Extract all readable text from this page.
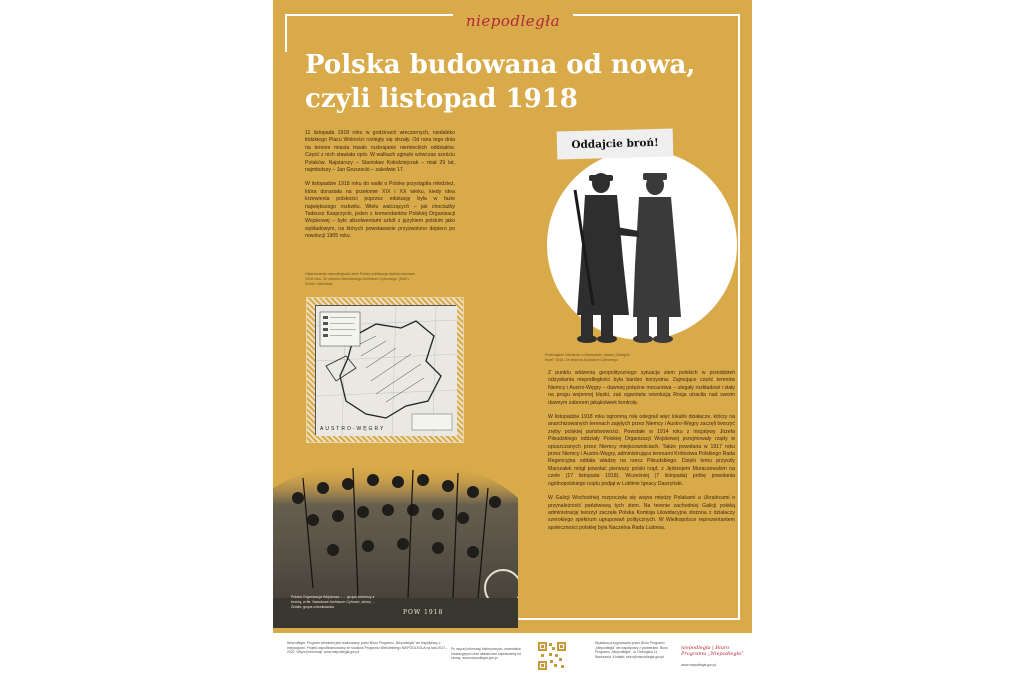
niepodległa
Polska budowana od nowa,
czyli listopad 1918

11 listopada 1918 roku w godzinach wieczornych, niedaleko łódzkiego Placu Wolności rozległy się strzały. Od rana tego dnia na terenie miasta trwało rozbrajanie niemieckich oddziałów. Część z nich stawiała opór. W walkach zginęło wówczas sześciu Polaków. Najstarszy – Stanisław Kołodziejczak – miał 29 lat, najmłodszy – Jan Gruszecki – zaledwie 17.

W listopadzie 1918 roku do walki o Polskę przystąpiła młodzież, która dorastała na przełomie XIX i XX wieku, kiedy idea krzewienia polskości poprzez edukację była w fazie największego rozkwitu. Wielu walczących – jak chociażby Tadeusz Kasprzycki, jeden z komendantów Polskiej Organizacji Wojskowej – było absolwentami szkół z językiem polskim jako wykładowym, na których powstawanie przyzwolono dopiero po rewolucji 1905 roku.

Ustanowienie niepodległości ziem Polski: publikacja okolicznościowa 1918 roku. Ze zbiorów Narodowego Archiwum Cyfrowego. (NAC). Źródło: biblioteka
AUSTRO-WĘGRY
Oddajcie broń!
Rozbrajanie Niemców w Warszawie, plakat „Oddajcie broń!” 1918. Ze zbiorów Archiwum Cyfrowego

Z punktu widzenia geopolitycznego sytuacja ziem polskich w przeddzień odzyskania niepodległości była bardzo korzystna. Zajmujące część terenów Niemcy i Austro-Węgry – dawniej potężne mocarstwa – ulegały rozkładowi i stały na progu wojennej klęski, zaś ogarnięta rewolucją Rosja utraciła nad swoim dawnym zaborem jakąkolwiek kontrolę.

W listopadzie 1918 roku ogromną rolę odegrali więc lokalni działacze, którzy na anarchizowanych terenach zajętych przez Niemcy i Austro-Węgry zaczęli tworzyć zręby polskiej państwowości. Powstałe w 1914 roku z inicjatywy Józefa Piłsudskiego oddziały Polskiej Organizacji Wojskowej przejmowały rządy w opuszczanych przez Niemcy miejscowościach. Także powołana w 1917 roku przez Niemcy i Austro-Węgry, administrująca terenami Królestwa Polskiego Rada Regencyjna oddała władzę na rzecz Piłsudskiego. Dzięki temu przyszły Marszałek mógł powołać pierwszy polski rząd, z Jędrzejem Moraczewskim na czele (17 listopada 1918). Wcześniej (7 listopada) próbę powołania ogólnopolskiego rządu podjął w Lublinie Ignacy Daszyński.

W Galicji Wschodniej rozpoczęła się wojna między Polakami a Ukraińcami o przynależność państwową tych ziem. Na terenie zachodniej Galicji polską administrację tworzył zaczęła Polska Komisja Likwidacyjna złożona z działaczy szerokiego spektrum ugrupowań politycznych. W Wielkopolsce reprezentantem społeczności polskiej była Naczelna Rada Ludowa.

Polska Organizacja Wojskowa – ... grupa żołnierzy z bronią, w tle. Narodowe Archiwum Cyfrowe, zbiory ... Źródło: grupa członkowska
POW 1918
Niepodległa. Program wieloletni jest realizowany przez Biuro Programu „Niepodległa” we współpracy z instytucjami. Projekt współfinansowany ze środków Programu Wieloletniego NIEPODLEGŁA na lata 2017–2022. Więcej informacji: www.niepodlegla.gov.pl
Po więcej informacji historycznych, materiałów edukacyjnych oraz aktualności zapraszamy na stronę: www.niepodlegla.gov.pl
Wystawa przygotowana przez Biuro Programu „Niepodległa” we współpracy z partnerami. Biuro Programu „Niepodległa”, ul. Ostrogska 11, Warszawa. Kontakt: biuro@niepodlegla.gov.pl
niepodległa | Biuro Programu „Niepodległa”
www.niepodlegla.gov.pl
